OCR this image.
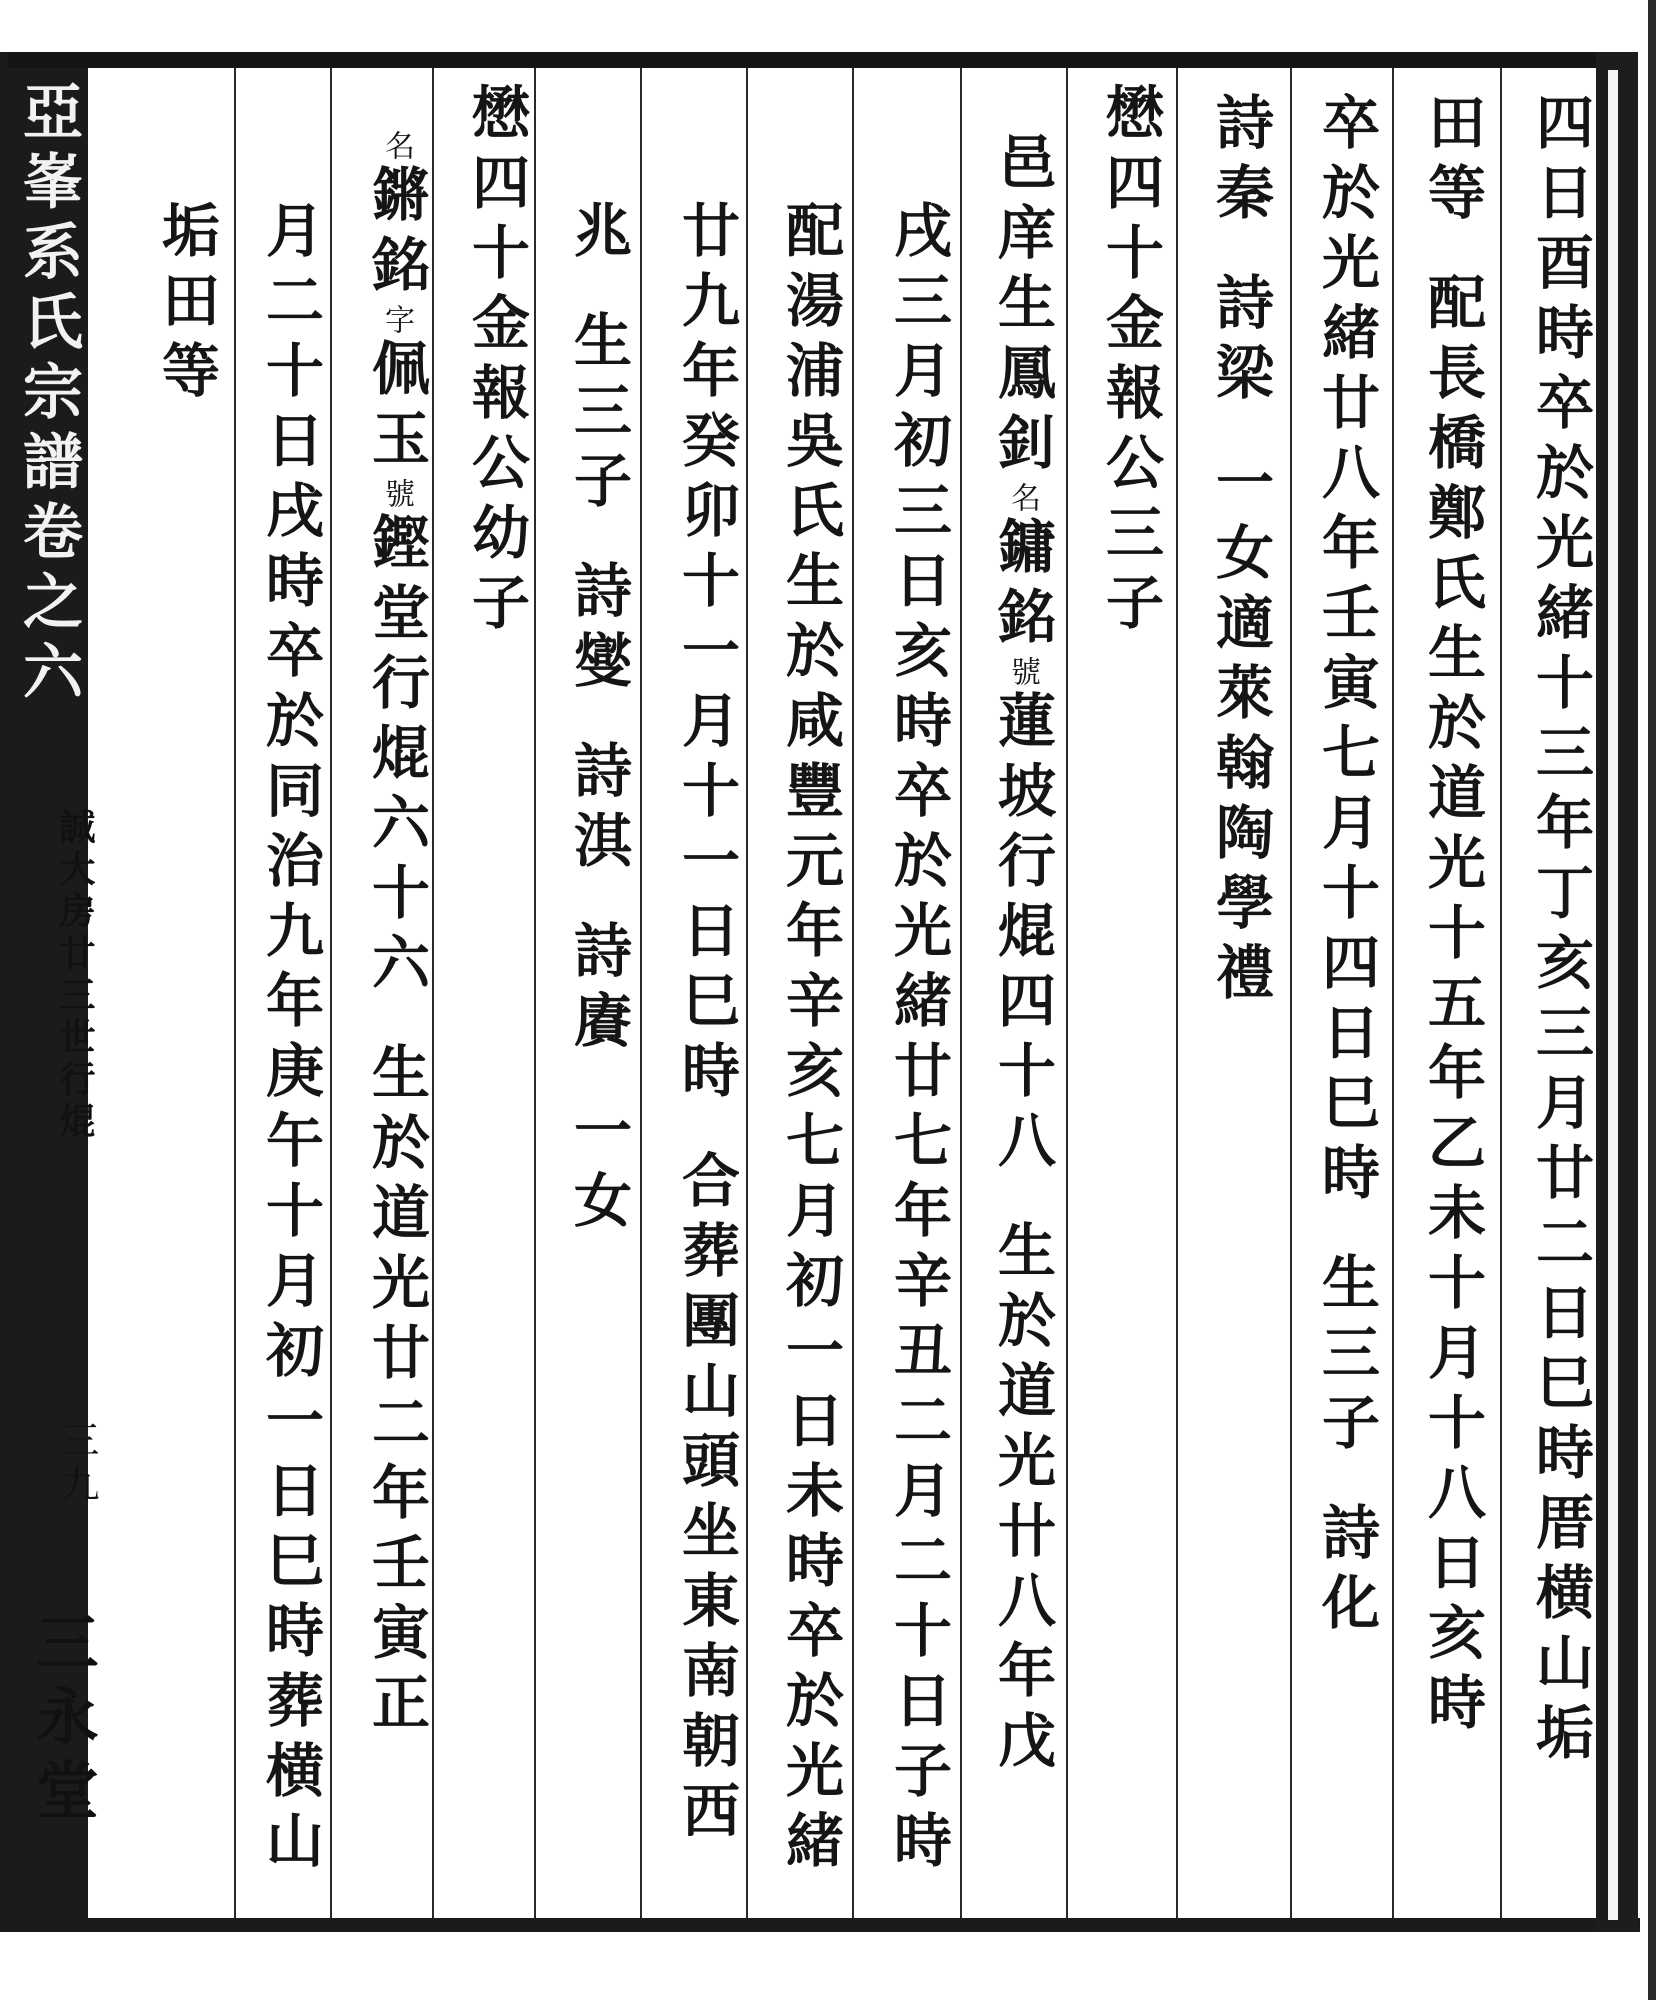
亞峯系氏宗譜卷之六
誠大房廿三世行焜
三九
三永堂	四日酉時卒於光緒十三年丁亥三月廿二日巳時厝横山垢
田等配長橋鄭氏生於道光十五年乙未十月十八日亥時
卒於光緒廿八年壬寅七月十四日巳時生三子詩化
詩秦詩梁一女適萊翰陶學禮
懋四十金報公三子
邑庠生鳳釗名鏞銘號蓮坡行焜四十八生於道光卄八年戊
戌三月初三日亥時卒於光緒廿七年辛丑二月二十日子時
配湯浦吳氏生於咸豐元年辛亥七月初一日未時卒於光緒
廿九年癸卯十一月十一日巳時合葬團山頭坐東南朝西
兆生三子詩燮詩淇詩賡一女
懋四十金報公幼子
名鏘銘字佩玉號鏗堂行焜六十六生於道光廿二年壬寅正
月二十日戌時卒於同治九年庚午十月初一日巳時葬横山
垢田等
